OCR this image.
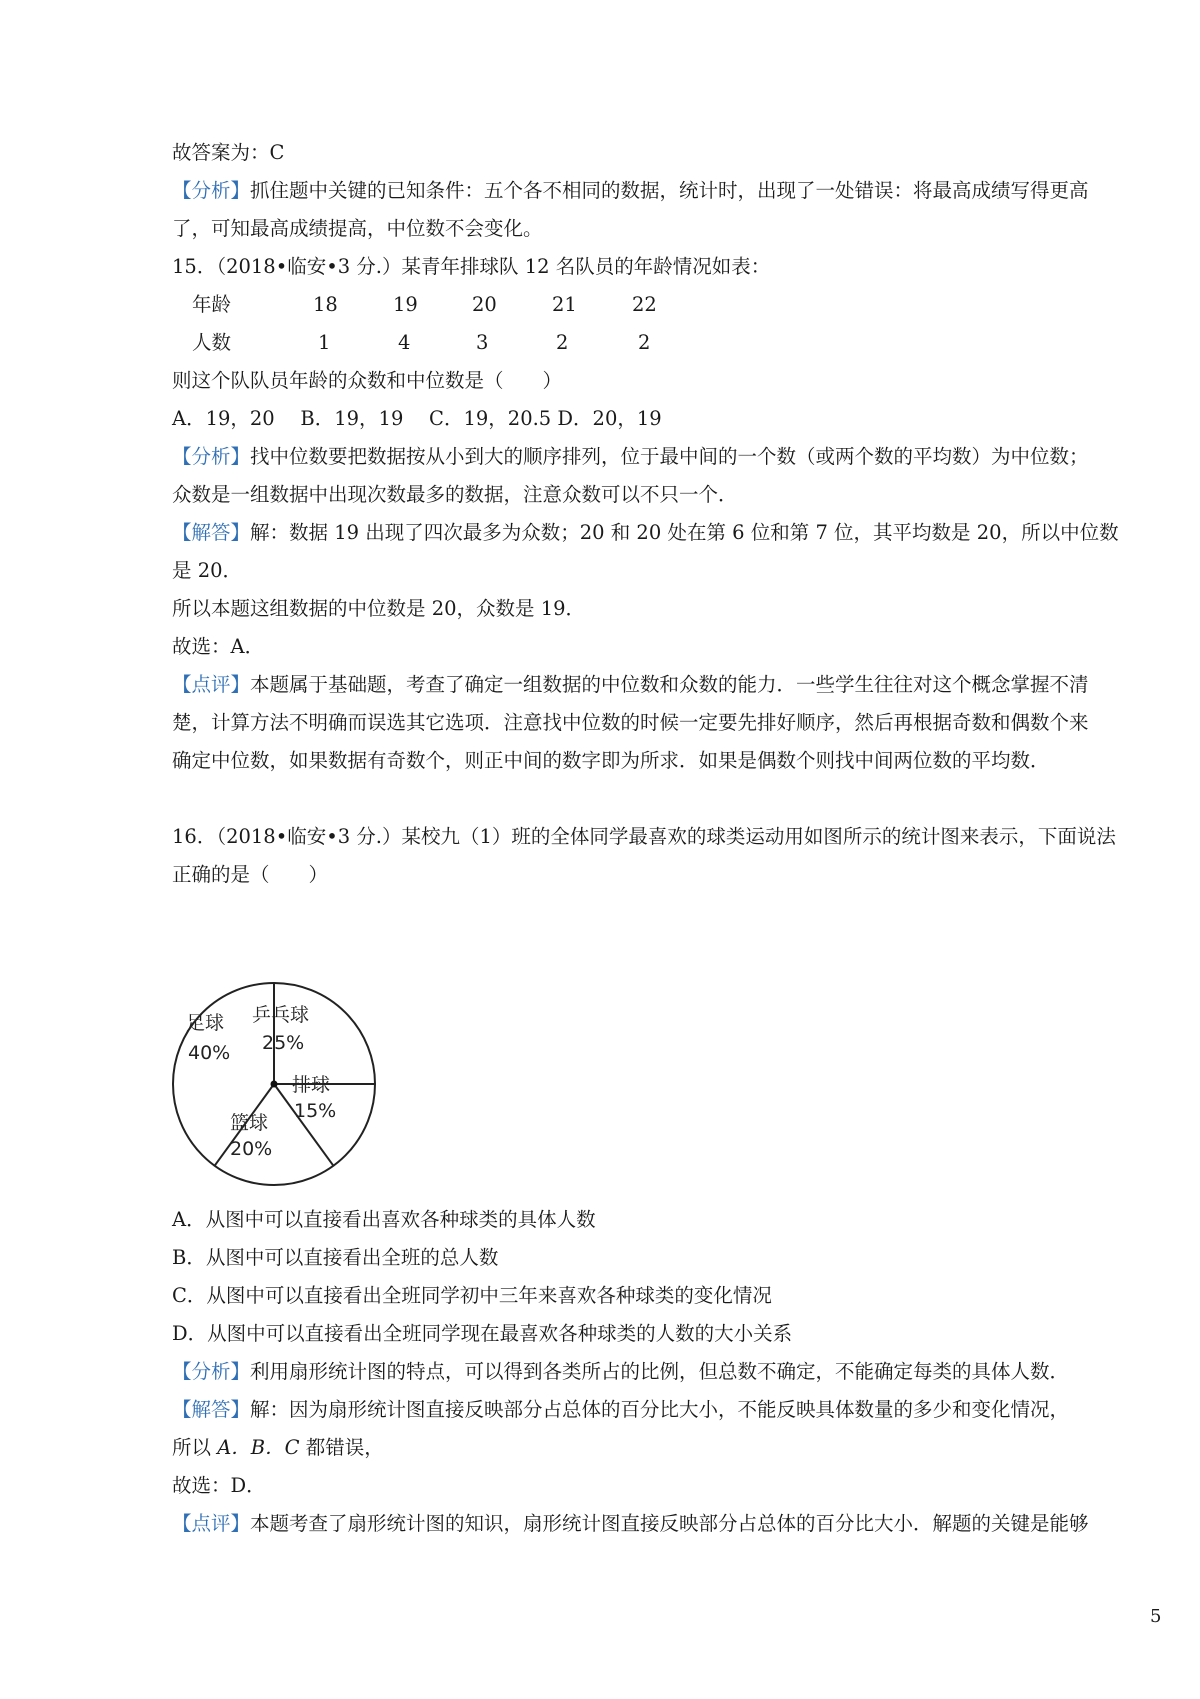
故答案为：C
【分析】抓住题中关键的已知条件：五个各不相同的数据，统计时，出现了一处错误：将最高成绩写得更高
了，可知最高成绩提高，中位数不会变化。
15．（2018•临安•3 分.）某青年排球队 12 名队员的年龄情况如表：
年龄	18	19	20	21	22
人数	1	4	3	2	2
则这个队队员年龄的众数和中位数是（　　）
A．19，20　 B．19，19　 C．19，20.5 D．20，19
【分析】找中位数要把数据按从小到大的顺序排列，位于最中间的一个数（或两个数的平均数）为中位数；
众数是一组数据中出现次数最多的数据，注意众数可以不只一个．
【解答】解：数据 19 出现了四次最多为众数；20 和 20 处在第 6 位和第 7 位，其平均数是 20，所以中位数
是 20．
所以本题这组数据的中位数是 20，众数是 19．
故选：A．
【点评】本题属于基础题，考查了确定一组数据的中位数和众数的能力．一些学生往往对这个概念掌握不清
楚，计算方法不明确而误选其它选项．注意找中位数的时候一定要先排好顺序，然后再根据奇数和偶数个来
确定中位数，如果数据有奇数个，则正中间的数字即为所求．如果是偶数个则找中间两位数的平均数．
16．（2018•临安•3 分.）某校九（1）班的全体同学最喜欢的球类运动用如图所示的统计图来表示，下面说法
正确的是（　　）
足球
40%
乒乓球
25%
排球
15%
篮球
20%
A．从图中可以直接看出喜欢各种球类的具体人数
B．从图中可以直接看出全班的总人数
C．从图中可以直接看出全班同学初中三年来喜欢各种球类的变化情况
D．从图中可以直接看出全班同学现在最喜欢各种球类的人数的大小关系
【分析】利用扇形统计图的特点，可以得到各类所占的比例，但总数不确定，不能确定每类的具体人数．
【解答】解：因为扇形统计图直接反映部分占总体的百分比大小，不能反映具体数量的多少和变化情况，
所以 A．B．C 都错误，
故选：D．
【点评】本题考查了扇形统计图的知识，扇形统计图直接反映部分占总体的百分比大小．解题的关键是能够
5
